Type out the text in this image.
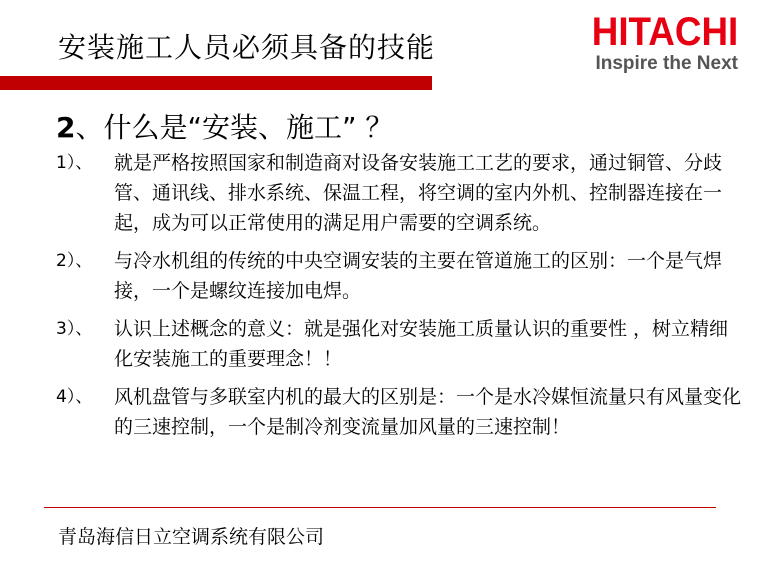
安装施工人员必须具备的技能	HITACHI
Inspire the Next
2、什么是“安装、施工” ？
1）、	就是严格按照国家和制造商对设备安装施工工艺的要求，通过铜管、分歧管、通讯线、排水系统、保温工程，将空调的室内外机、控制器连接在一起，成为可以正常使用的满足用户需要的空调系统。
2）、	与冷水机组的传统的中央空调安装的主要在管道施工的区别：一个是气焊接，一个是螺纹连接加电焊。
3）、	认识上述概念的意义：就是强化对安装施工质量认识的重要性 ，树立精细化安装施工的重要理念！！
4）、	风机盘管与多联室内机的最大的区别是：一个是水冷媒恒流量只有风量变化的三速控制，一个是制冷剂变流量加风量的三速控制！
青岛海信日立空调系统有限公司
